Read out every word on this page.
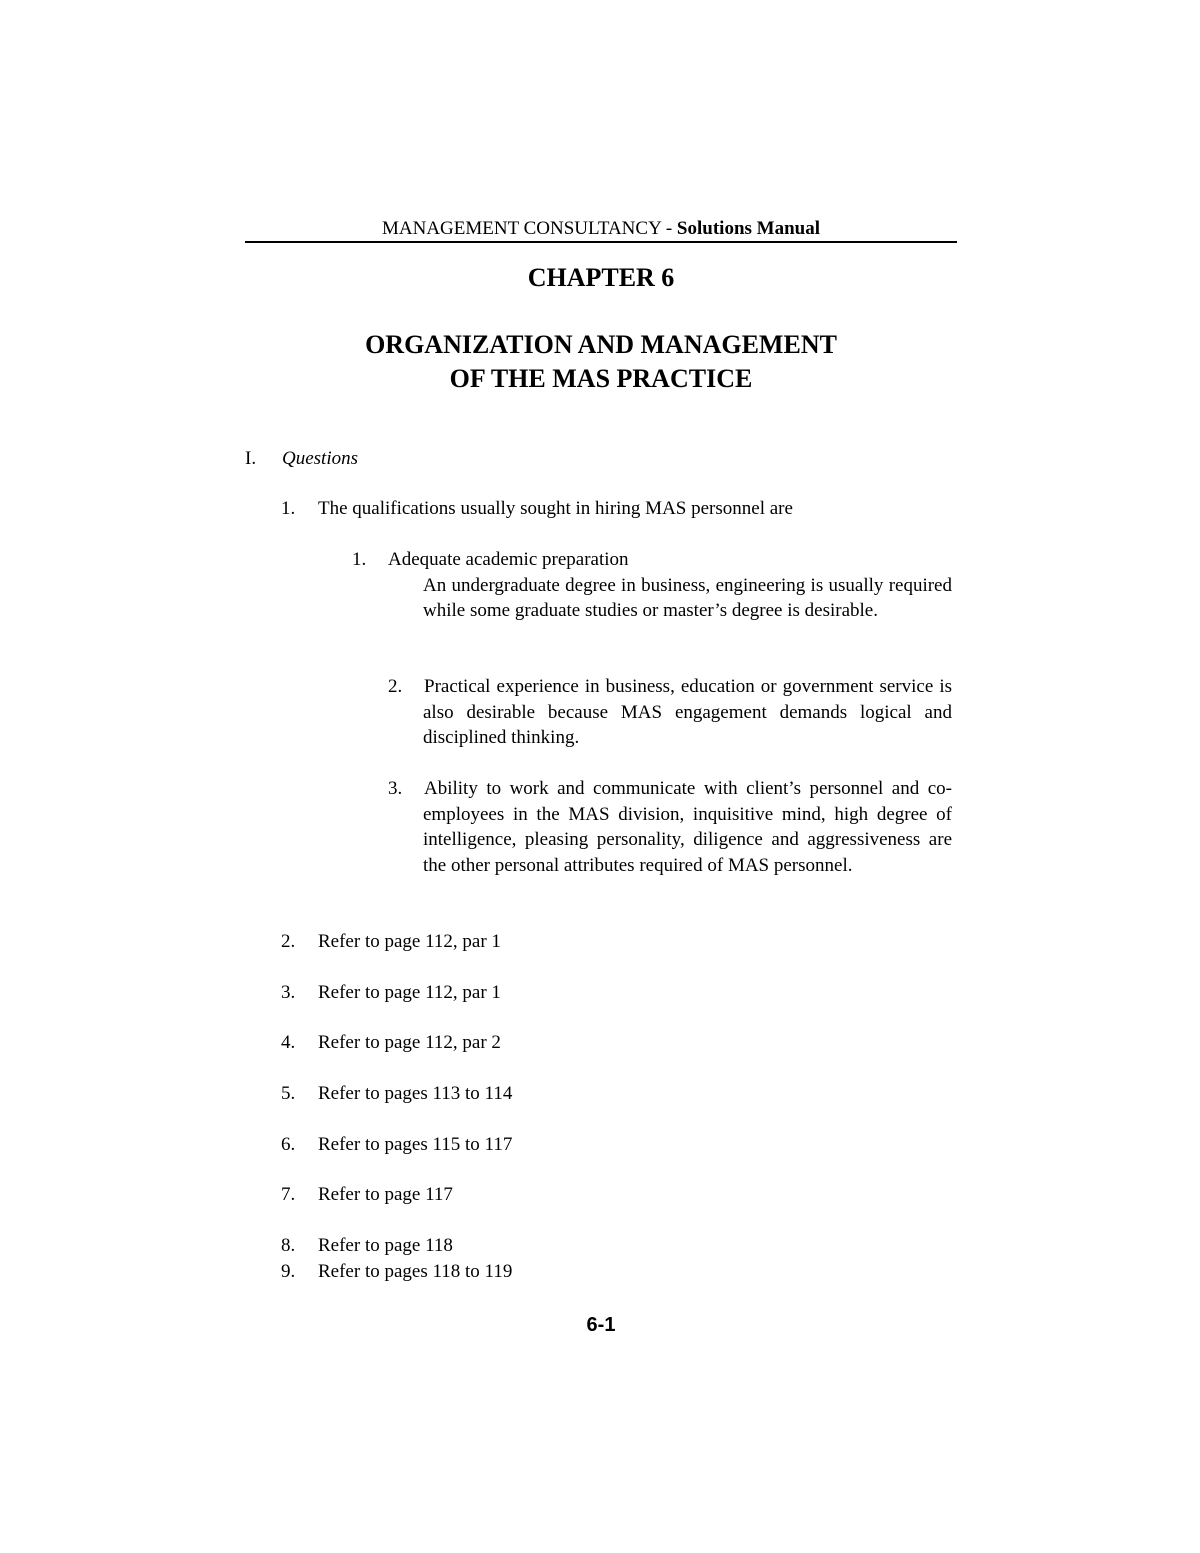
MANAGEMENT CONSULTANCY - Solutions Manual
CHAPTER 6
ORGANIZATION AND MANAGEMENT
OF THE MAS PRACTICE
I. Questions
1. The qualifications usually sought in hiring MAS personnel are
1. Adequate academic preparation
An undergraduate degree in business, engineering is usually required while some graduate studies or master’s degree is desirable.
2. Practical experience in business, education or government service is also desirable because MAS engagement demands logical and disciplined thinking.
3. Ability to work and communicate with client’s personnel and co-employees in the MAS division, inquisitive mind, high degree of intelligence, pleasing personality, diligence and aggressiveness are the other personal attributes required of MAS personnel.
2. Refer to page 112, par 1
3. Refer to page 112, par 1
4. Refer to page 112, par 2
5. Refer to pages 113 to 114
6. Refer to pages 115 to 117
7. Refer to page 117
8. Refer to page 118
9. Refer to pages 118 to 119
6-1
